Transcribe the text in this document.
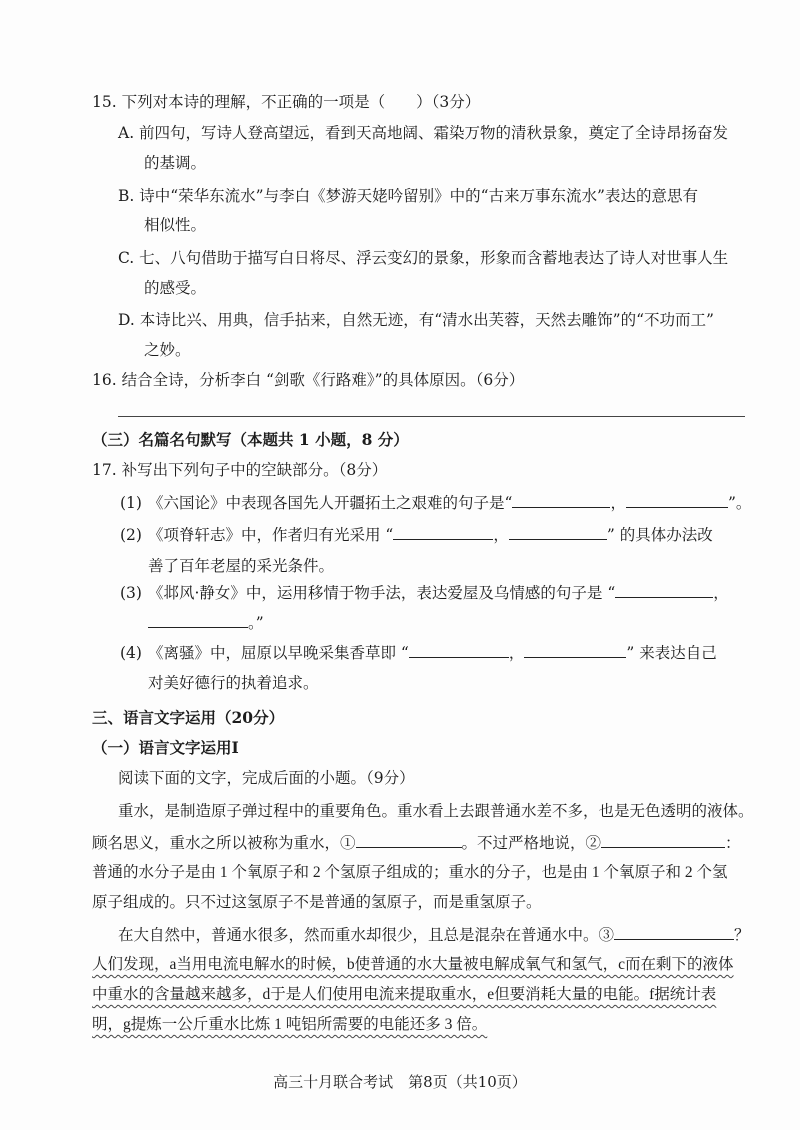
15. 下列对本诗的理解，不正确的一项是（　　）（3分）
A. 前四句，写诗人登高望远，看到天高地阔、霜染万物的清秋景象，奠定了全诗昂扬奋发
的基调。
B. 诗中“荣华东流水”与李白《梦游天姥吟留别》中的“古来万事东流水”表达的意思有
相似性。
C. 七、八句借助于描写白日将尽、浮云变幻的景象，形象而含蓄地表达了诗人对世事人生
的感受。
D. 本诗比兴、用典，信手拈来，自然无迹，有“清水出芙蓉，天然去雕饰”的“不功而工”
之妙。
16. 结合全诗，分析李白 “剑歌《行路难》”的具体原因。（6分）
（三）名篇名句默写（本题共 1 小题，8 分）
17. 补写出下列句子中的空缺部分。（8分）
(1) 《六国论》中表现各国先人开疆拓土之艰难的句子是“	，	”。
(2) 《项脊轩志》中，作者归有光采用 “	，	” 的具体办法改
善了百年老屋的采光条件。
(3) 《邶风·静女》中，运用移情于物手法，表达爱屋及乌情感的句子是 “	，
。”
(4) 《离骚》中，屈原以早晚采集香草即 “	，	” 来表达自己
对美好德行的执着追求。
三、语言文字运用（20分）
（一）语言文字运用I
阅读下面的文字，完成后面的小题。（9分）
重水，是制造原子弹过程中的重要角色。重水看上去跟普通水差不多，也是无色透明的液体。
顾名思义，重水之所以被称为重水，①	。不过严格地说，②	：
普通的水分子是由 1 个氧原子和 2 个氢原子组成的；重水的分子，也是由 1 个氧原子和 2 个氢
原子组成的。只不过这氢原子不是普通的氢原子，而是重氢原子。
在大自然中，普通水很多，然而重水却很少，且总是混杂在普通水中。③	？
人们发现，a当用电流电解水的时候，b使普通的水大量被电解成氧气和氢气，c而在剩下的液体
中重水的含量越来越多，d于是人们使用电流来提取重水，e但要消耗大量的电能。f据统计表
明，g提炼一公斤重水比炼 1 吨铝所需要的电能还多 3 倍。
高三十月联合考试　第8页（共10页）
